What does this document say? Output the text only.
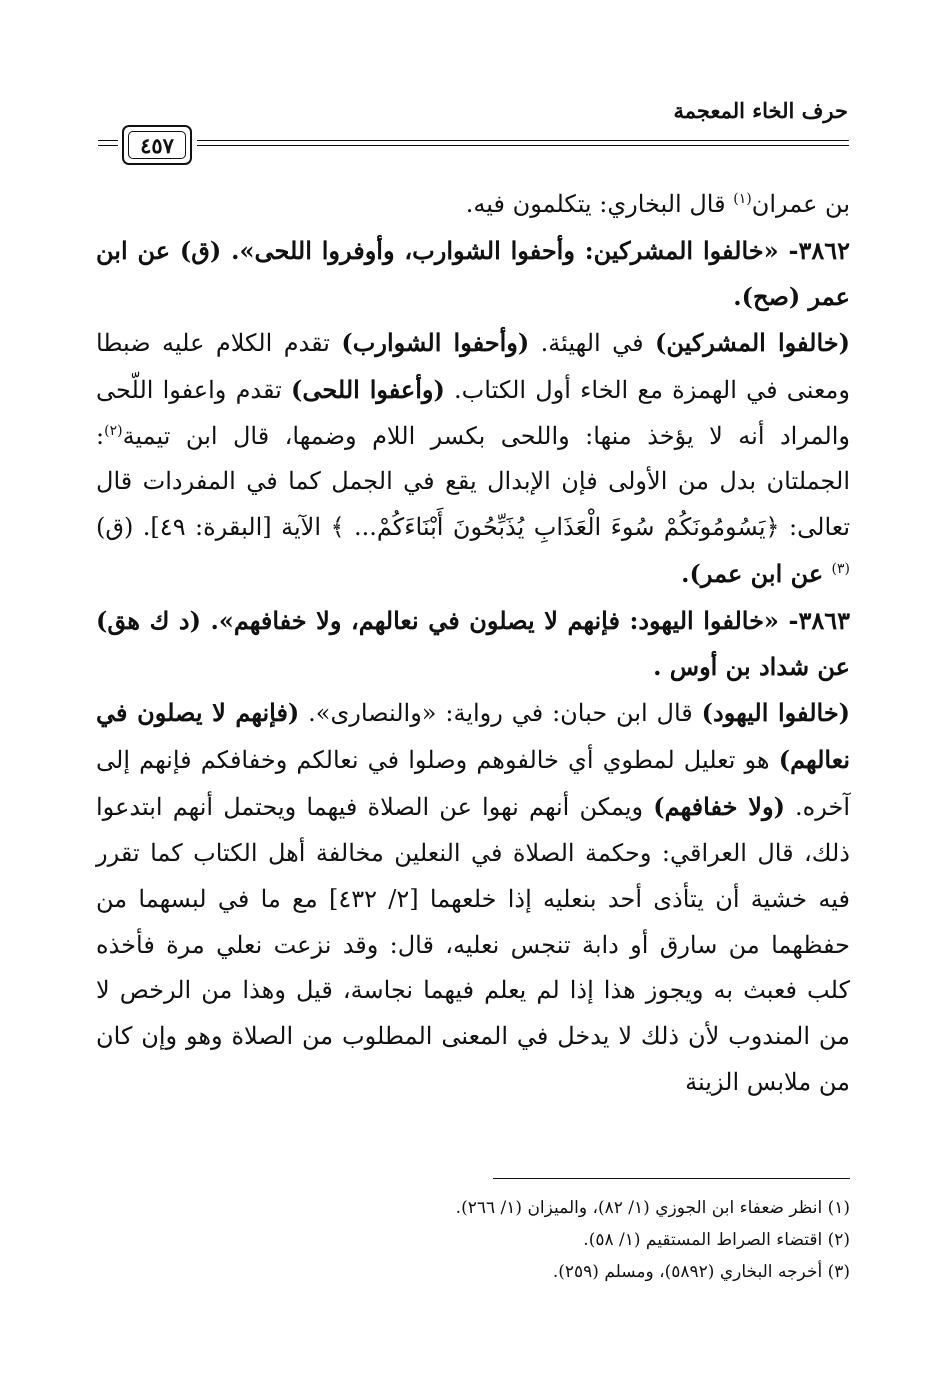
حرف الخاء المعجمة
٤٥٧

بن عمران$^{(١)}$ قال البخاري: يتكلمون فيه.

٣٨٦٢- «خالفوا المشركين: وأحفوا الشوارب، وأوفروا اللحى». (ق) عن ابن عمر (صح).

(خالفوا المشركين) في الهيئة. (وأحفوا الشوارب) تقدم الكلام عليه ضبطا ومعنى في الهمزة مع الخاء أول الكتاب. (وأعفوا اللحى) تقدم واعفوا اللّحى والمراد أنه لا يؤخذ منها: واللحى بكسر اللام وضمها، قال ابن تيمية$^{(٢)}$: الجملتان بدل من الأولى فإن الإبدال يقع في الجمل كما في المفردات قال تعالى: ﴿يَسُومُونَكُمْ سُوءَ الْعَذَابِ يُذَبِّحُونَ أَبْنَاءَكُمْ... ﴾ الآية [البقرة: ٤٩]. (ق)$^{(٣)}$ عن ابن عمر).

٣٨٦٣- «خالفوا اليهود: فإنهم لا يصلون في نعالهم، ولا خفافهم». (د ك هق) عن شداد بن أوس .

(خالفوا اليهود) قال ابن حبان: في رواية: «والنصارى». (فإنهم لا يصلون في نعالهم) هو تعليل لمطوي أي خالفوهم وصلوا في نعالكم وخفافكم فإنهم إلى آخره. (ولا خفافهم) ويمكن أنهم نهوا عن الصلاة فيهما ويحتمل أنهم ابتدعوا ذلك، قال العراقي: وحكمة الصلاة في النعلين مخالفة أهل الكتاب كما تقرر فيه خشية أن يتأذى أحد بنعليه إذا خلعهما [٢/ ٤٣٢] مع ما في لبسهما من حفظهما من سارق أو دابة تنجس نعليه، قال: وقد نزعت نعلي مرة فأخذه كلب فعبث به ويجوز هذا إذا لم يعلم فيهما نجاسة، قيل وهذا من الرخص لا من المندوب لأن ذلك لا يدخل في المعنى المطلوب من الصلاة وهو وإن كان من ملابس الزينة

(١) انظر ضعفاء ابن الجوزي (١/ ٨٢)، والميزان (١/ ٢٦٦).
(٢) اقتضاء الصراط المستقيم (١/ ٥٨).
(٣) أخرجه البخاري (٥٨٩٢)، ومسلم (٢٥٩).
